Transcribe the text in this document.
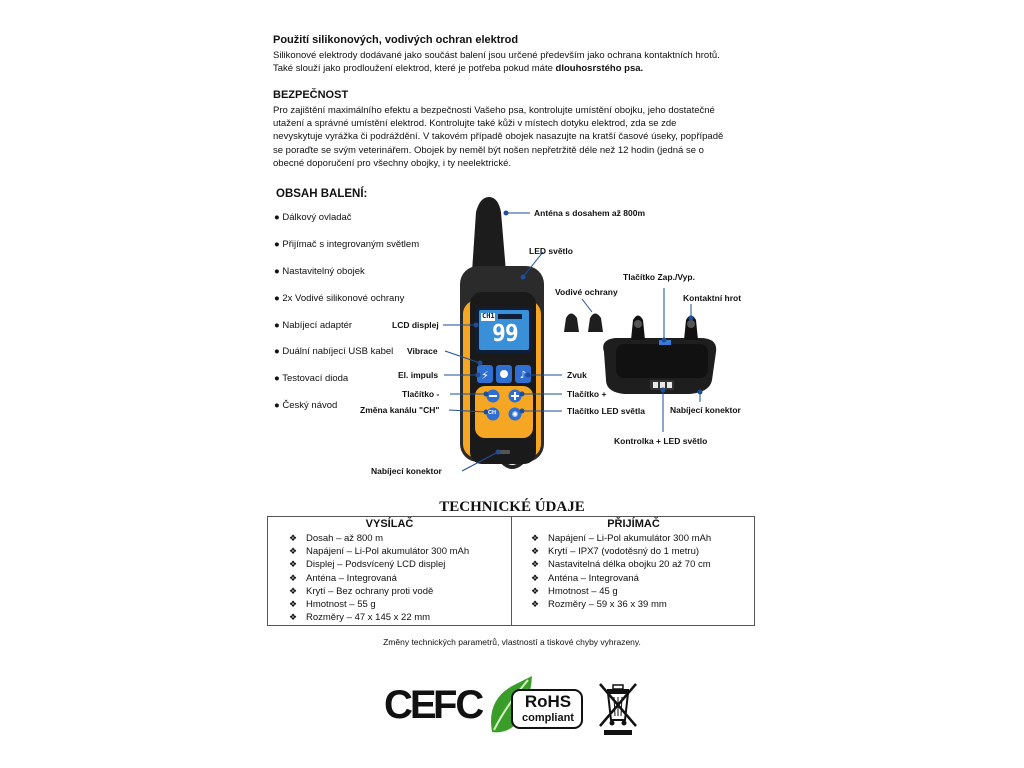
Použití silikonových, vodivých ochran elektrod

Silikonové elektrody dodávané jako součást balení jsou určené především jako ochrana kontaktních hrotů.

Také slouží jako prodloužení elektrod, které je potřeba pokud máte dlouhosrstého psa.

BEZPEČNOST

Pro zajištění maximálního efektu a bezpečnosti Vašeho psa, kontrolujte umístění obojku, jeho dostatečné

utažení a správné umístění elektrod. Kontrolujte také kůži v místech dotyku elektrod, zda se zde

nevyskytuje vyrážka či podráždění. V takovém případě obojek nasazujte na kratší časové úseky, popřípadě

se poraďte se svým veterinářem. Obojek by neměl být nošen nepřetržitě déle než 12 hodin (jedná se o

obecné doporučení pro všechny obojky, i ty neelektrické.

OBSAH BALENÍ:
● Dálkový ovladač
● Přijímač s integrovaným světlem
● Nastavitelný obojek
● 2x Vodivé silikonové ochrany
● Nabíjecí adaptér
● Duální nabíjecí USB kabel
● Testovací dioda
● Český návod
⚡	♪
✺
CH1
99
CH
Anténa s dosahem až 800m
LED světlo
LCD displej
Vibrace
El. impuls
Tlačítko -
Změna kanálu "CH"
Zvuk
Tlačítko +
Tlačítko LED světla
Nabíjecí konektor
Vodivé ochrany
Tlačítko Zap./Vyp.
Kontaktní hrot
Nabíjecí konektor
Kontrolka + LED světlo
TECHNICKÉ ÚDAJE
VYSÍLAČ
❖ Dosah – až 800 m
❖ Napájení – Li-Pol akumulátor 300 mAh
❖ Displej – Podsvícený LCD displej
❖ Anténa – Integrovaná
❖ Krytí – Bez ochrany proti vodě
❖ Hmotnost – 55 g
❖ Rozměry – 47 x 145 x 22 mm
PŘIJÍMAČ
❖ Napájení – Li-Pol akumulátor 300 mAh
❖ Krytí – IPX7 (vodotěsný do 1 metru)
❖ Nastavitelná délka obojku 20 až 70 cm
❖ Anténa – Integrovaná
❖ Hmotnost – 45 g
❖ Rozměry – 59 x 36 x 39 mm
Změny technických parametrů, vlastností a tiskové chyby vyhrazeny.
CE FC	RoHS
compliant
